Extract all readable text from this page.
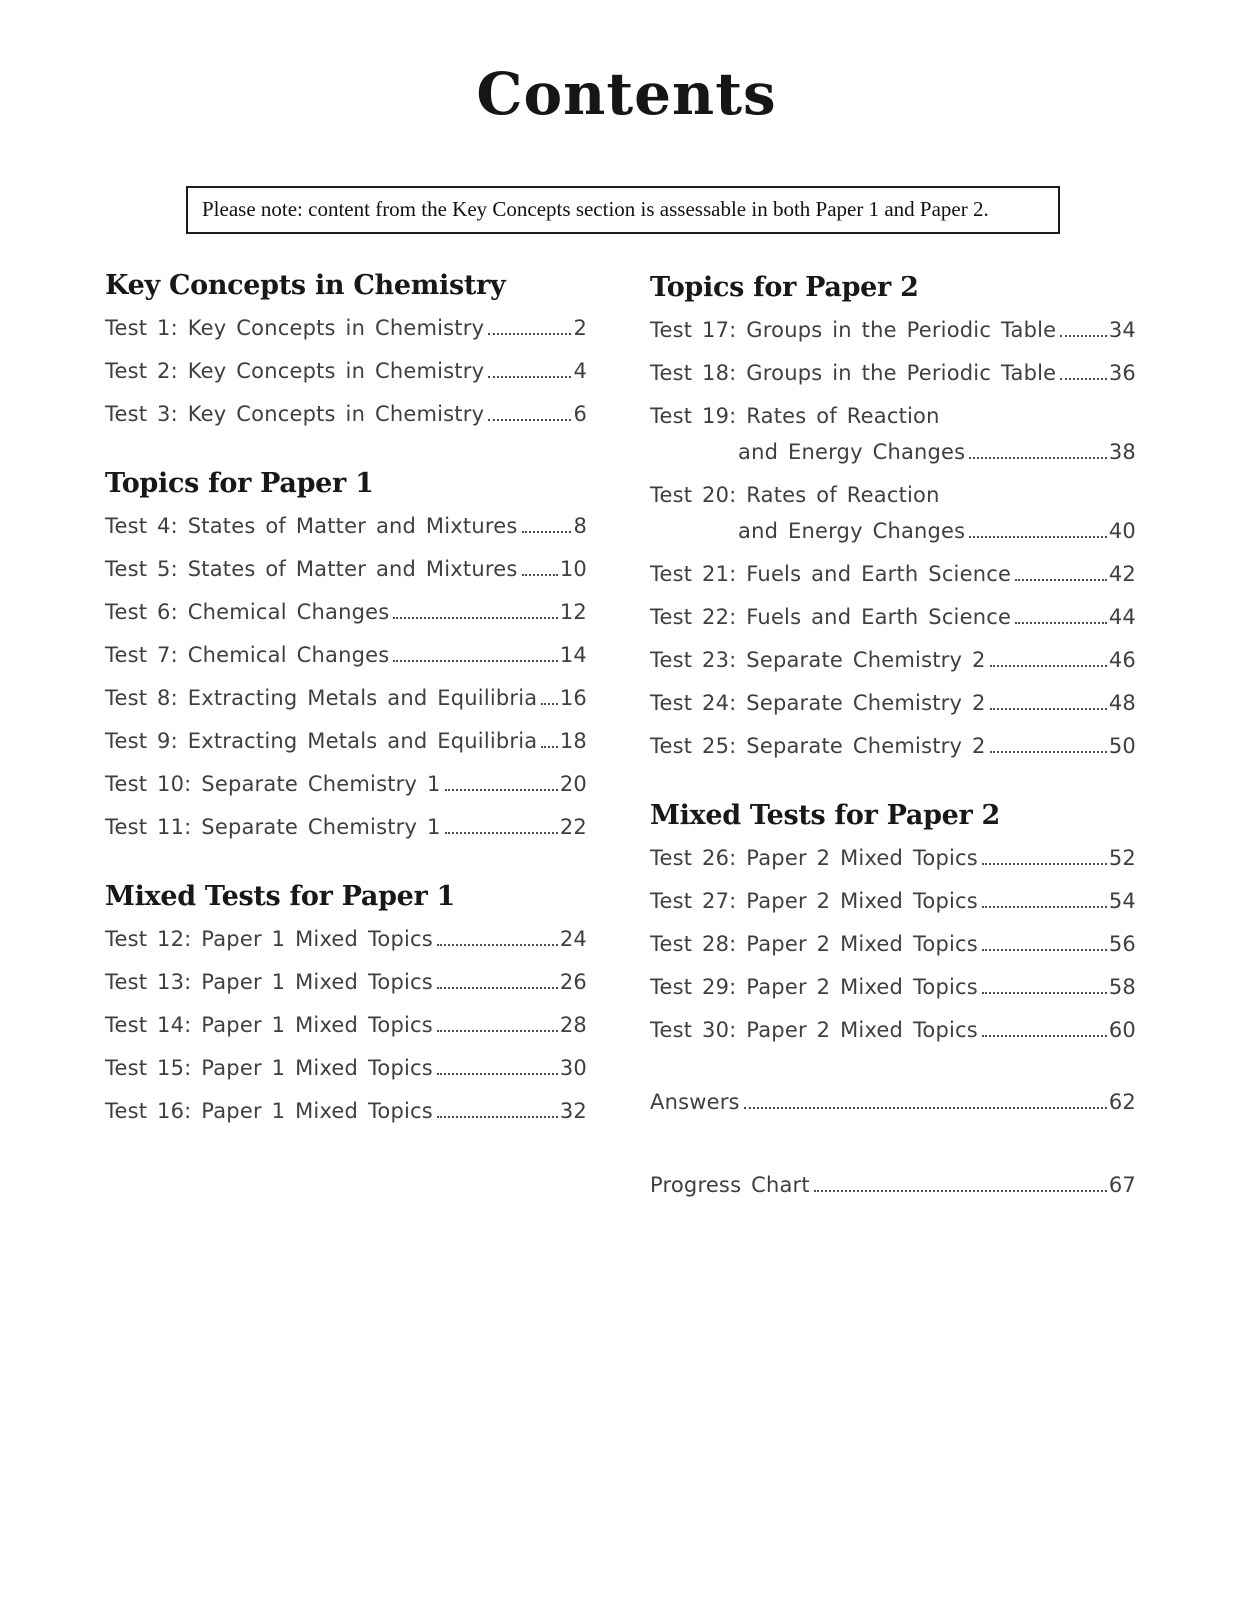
Contents
Please note: content from the Key Concepts section is assessable in both Paper 1 and Paper 2.
Key Concepts in Chemistry
Test 1: Key Concepts in Chemistry	2
Test 2: Key Concepts in Chemistry	4
Test 3: Key Concepts in Chemistry	6
Topics for Paper 1
Test 4: States of Matter and Mixtures	8
Test 5: States of Matter and Mixtures 10
Test 6: Chemical Changes	12
Test 7: Chemical Changes	14
Test 8: Extracting Metals and Equilibria 16
Test 9: Extracting Metals and Equilibria 18
Test 10: Separate Chemistry 1	20
Test 11: Separate Chemistry 1	22
Mixed Tests for Paper 1
Test 12: Paper 1 Mixed Topics	24
Test 13: Paper 1 Mixed Topics	26
Test 14: Paper 1 Mixed Topics	28
Test 15: Paper 1 Mixed Topics	30
Test 16: Paper 1 Mixed Topics	32
Topics for Paper 2
Test 17: Groups in the Periodic Table	34
Test 18: Groups in the Periodic Table	36
Test 19: Rates of Reaction
and Energy Changes	38
Test 20: Rates of Reaction
and Energy Changes	40
Test 21: Fuels and Earth Science	42
Test 22: Fuels and Earth Science	44
Test 23: Separate Chemistry 2	46
Test 24: Separate Chemistry 2	48
Test 25: Separate Chemistry 2	50
Mixed Tests for Paper 2
Test 26: Paper 2 Mixed Topics	52
Test 27: Paper 2 Mixed Topics	54
Test 28: Paper 2 Mixed Topics	56
Test 29: Paper 2 Mixed Topics	58
Test 30: Paper 2 Mixed Topics	60
Answers	62
Progress Chart	67
